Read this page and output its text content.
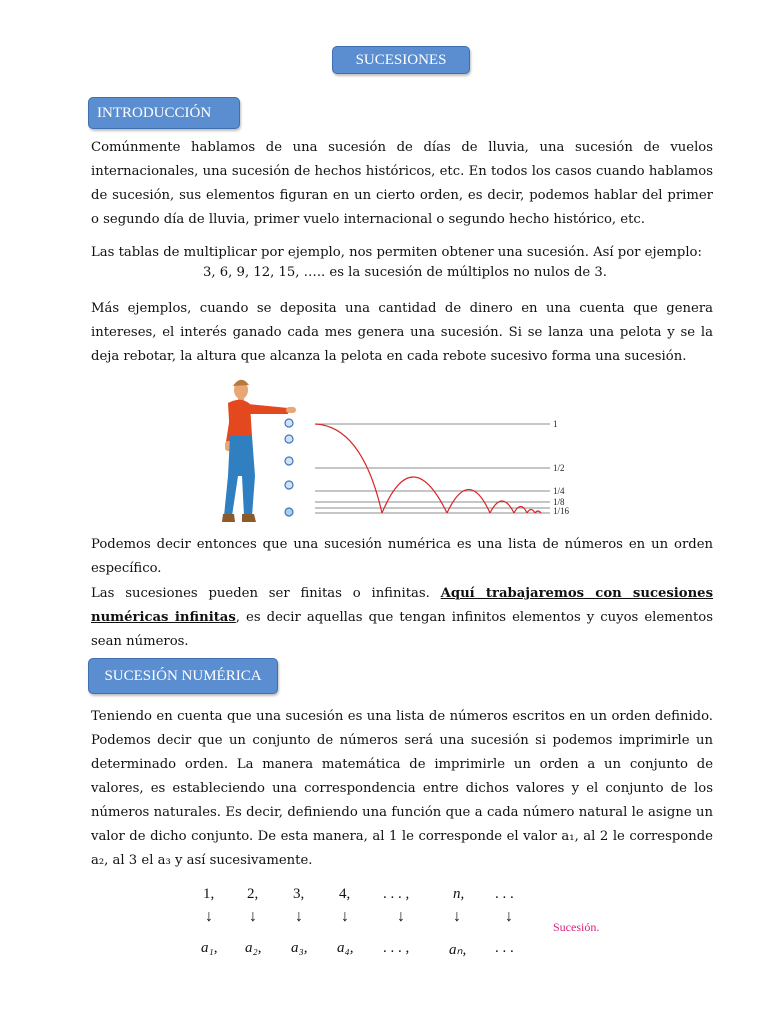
SUCESIONES
INTRODUCCIÓN
Comúnmente hablamos de una sucesión de días de lluvia, una sucesión de vuelos internacionales, una sucesión de hechos históricos, etc. En todos los casos cuando hablamos de sucesión, sus elementos figuran en un cierto orden, es decir, podemos hablar del primer o segundo día de lluvia, primer vuelo internacional o segundo hecho histórico, etc.
Las tablas de multiplicar por ejemplo, nos permiten obtener una sucesión. Así por ejemplo:
3, 6, 9, 12, 15, ….. es la sucesión de múltiplos no nulos de 3.
Más ejemplos, cuando se deposita una cantidad de dinero en una cuenta que genera intereses, el interés ganado cada mes genera una sucesión. Si se lanza una pelota y se la deja rebotar, la altura que alcanza la pelota en cada rebote sucesivo forma una sucesión.
1
1/2
1/4
1/8
1/16
Podemos decir entonces que una sucesión numérica es una lista de números en un orden específico.
Las sucesiones pueden ser finitas o infinitas. Aquí trabajaremos con sucesiones numéricas infinitas, es decir aquellas que tengan infinitos elementos y cuyos elementos sean números.
SUCESIÓN NUMÉRICA
Teniendo en cuenta que una sucesión es una lista de números escritos en un orden definido. Podemos decir que un conjunto de números será una sucesión si podemos imprimirle un determinado orden. La manera matemática de imprimirle un orden a un conjunto de valores, es estableciendo una correspondencia entre dichos valores y el conjunto de los números naturales. Es decir, definiendo una función que a cada número natural le asigne un valor de dicho conjunto. De esta manera, al 1 le corresponde el valor a₁, al 2 le corresponde a₂, al 3 el a₃ y así sucesivamente.
1, 2, 3, 4, . . . ,	n, . . .
↓ ↓ ↓ ↓	↓	↓	↓
Sucesión.
a₁, a₂, a₃, a₄, . . . ,	aₙ, . . .
